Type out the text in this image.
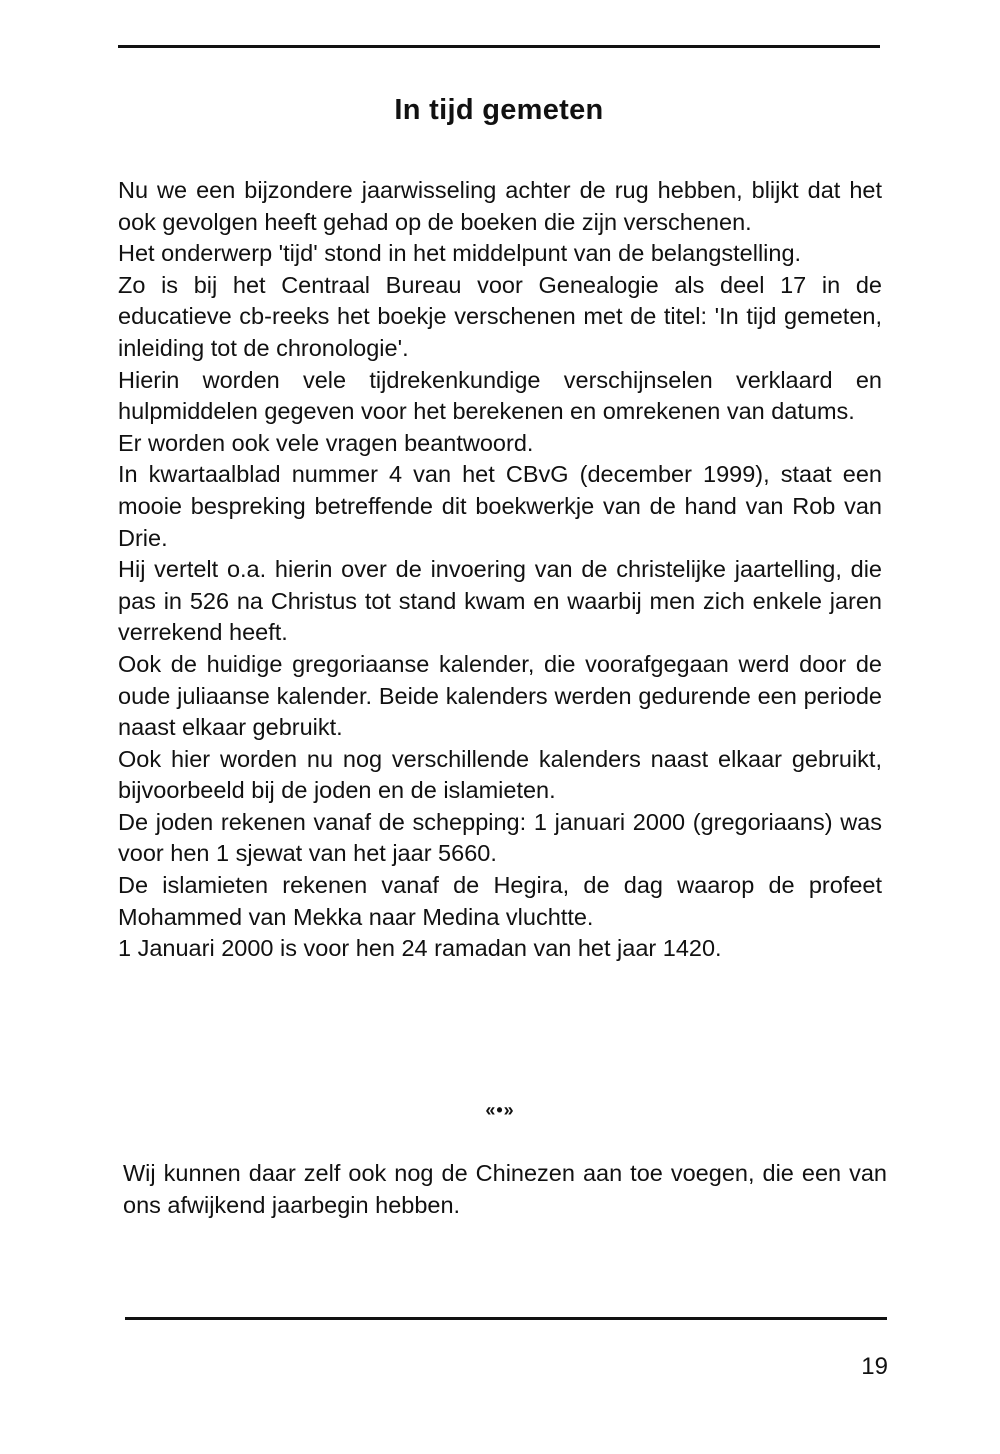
In tijd gemeten

Nu we een bijzondere jaarwisseling achter de rug hebben, blijkt dat het ook gevolgen heeft gehad op de boeken die zijn verschenen.

Het onderwerp 'tijd' stond in het middelpunt van de belangstelling.

Zo is bij het Centraal Bureau voor Genealogie als deel 17 in de educatieve cb-reeks het boekje verschenen met de titel: 'In tijd gemeten, inleiding tot de chronologie'.

Hierin worden vele tijdrekenkundige verschijnselen verklaard en hulpmiddelen gegeven voor het berekenen en omrekenen van datums.

Er worden ook vele vragen beantwoord.

In kwartaalblad nummer 4 van het CBvG (december 1999), staat een mooie bespreking betreffende dit boekwerkje van de hand van Rob van Drie.

Hij vertelt o.a. hierin over de invoering van de christelijke jaartelling, die pas in 526 na Christus tot stand kwam en waarbij men zich enkele jaren verrekend heeft.

Ook de huidige gregoriaanse kalender, die voorafgegaan werd door de oude juliaanse kalender. Beide kalenders werden gedurende een periode naast elkaar gebruikt.

Ook hier worden nu nog verschillende kalenders naast elkaar gebruikt, bijvoorbeeld bij de joden en de islamieten.

De joden rekenen vanaf de schepping: 1 januari 2000 (gregoriaans) was voor hen 1 sjewat van het jaar 5660.

De islamieten rekenen vanaf de Hegira, de dag waarop de profeet Mohammed van Mekka naar Medina vluchtte.

1 Januari 2000 is voor hen 24 ramadan van het jaar 1420.

«•»

Wij kunnen daar zelf ook nog de Chinezen aan toe voegen, die een van ons afwijkend jaarbegin hebben.

19
